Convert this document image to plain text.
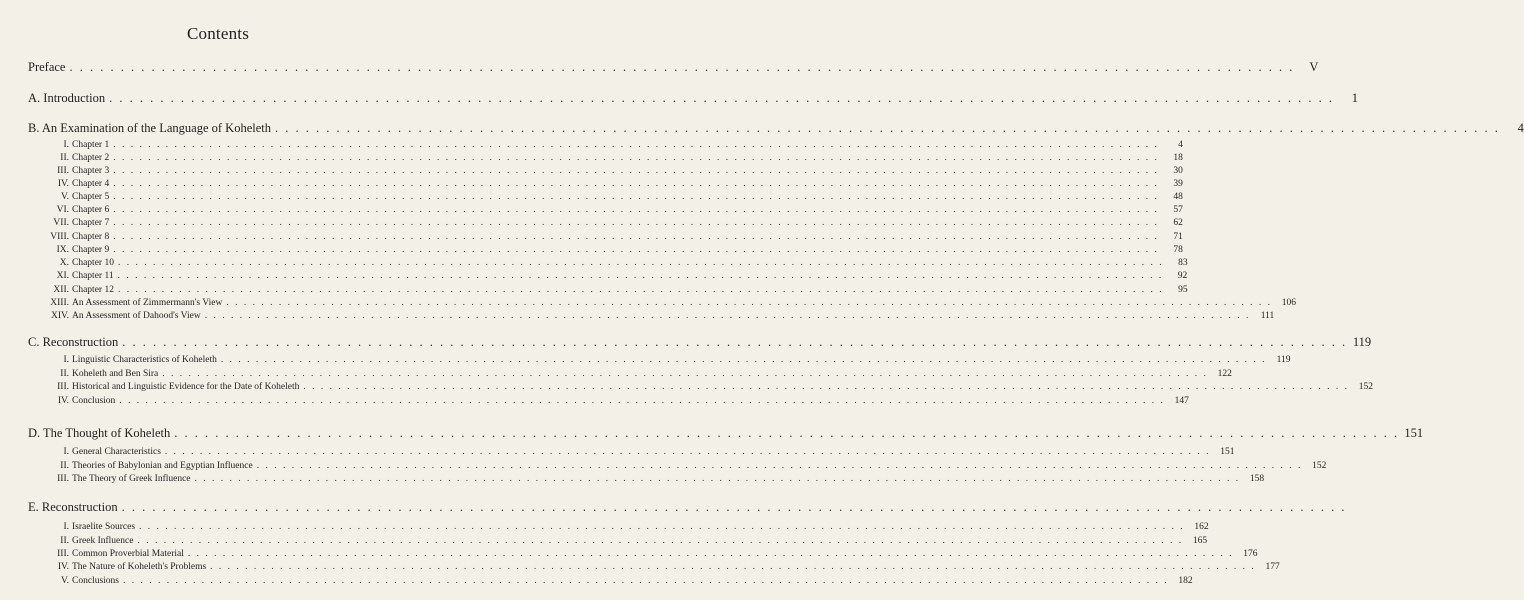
Contents
Preface . . . . . . . . . . . . . . . . . . . . . . . . . . . . . . . . . . . . . . . . . . . . . . . . . . . . . . . . . . . . . . . . . . . . . . . . . . . . . . . . . . . . . . . . . . . . . . . . . . . . . . . . . . . . . . . . . . . . . . . .	V
A. Introduction . . . . . . . . . . . . . . . . . . . . . . . . . . . . . . . . . . . . . . . . . . . . . . . . . . . . . . . . . . . . . . . . . . . . . . . . . . . . . . . . . . . . . . . . . . . . . . . . . . . . . . . . . . . . . . . . . . . . . . . .	1
B. An Examination of the Language of Koheleth . . . . . . . . . . . . . . . . . . . . . . . . . . . . . . . . . . . . . . . . . . . . . . . . . . . . . . . . . . . . . . . . . . . . . . . . . . . . . . . . . . . . . . . . . . . . . . . . . . . . . . . . . . . . . . . . . . . . . . . .	4
I. Chapter 1 . . . . . . . . . . . . . . . . . . . . . . . . . . . . . . . . . . . . . . . . . . . . . . . . . . . . . . . . . . . . . . . . . . . . . . . . . . . . . . . . . . . . . . . . . . . . . . . . . . . . . . . . . . . . . . . . . . . . . . . .	4
II. Chapter 2 . . . . . . . . . . . . . . . . . . . . . . . . . . . . . . . . . . . . . . . . . . . . . . . . . . . . . . . . . . . . . . . . . . . . . . . . . . . . . . . . . . . . . . . . . . . . . . . . . . . . . . . . . . . . . . . . . . . . . . . .	18
III. Chapter 3 . . . . . . . . . . . . . . . . . . . . . . . . . . . . . . . . . . . . . . . . . . . . . . . . . . . . . . . . . . . . . . . . . . . . . . . . . . . . . . . . . . . . . . . . . . . . . . . . . . . . . . . . . . . . . . . . . . . . . . . .	30
IV. Chapter 4 . . . . . . . . . . . . . . . . . . . . . . . . . . . . . . . . . . . . . . . . . . . . . . . . . . . . . . . . . . . . . . . . . . . . . . . . . . . . . . . . . . . . . . . . . . . . . . . . . . . . . . . . . . . . . . . . . . . . . . . .	39
V. Chapter 5 . . . . . . . . . . . . . . . . . . . . . . . . . . . . . . . . . . . . . . . . . . . . . . . . . . . . . . . . . . . . . . . . . . . . . . . . . . . . . . . . . . . . . . . . . . . . . . . . . . . . . . . . . . . . . . . . . . . . . . . .	48
VI. Chapter 6 . . . . . . . . . . . . . . . . . . . . . . . . . . . . . . . . . . . . . . . . . . . . . . . . . . . . . . . . . . . . . . . . . . . . . . . . . . . . . . . . . . . . . . . . . . . . . . . . . . . . . . . . . . . . . . . . . . . . . . . .	57
VII. Chapter 7 . . . . . . . . . . . . . . . . . . . . . . . . . . . . . . . . . . . . . . . . . . . . . . . . . . . . . . . . . . . . . . . . . . . . . . . . . . . . . . . . . . . . . . . . . . . . . . . . . . . . . . . . . . . . . . . . . . . . . . . .	62
VIII. Chapter 8 . . . . . . . . . . . . . . . . . . . . . . . . . . . . . . . . . . . . . . . . . . . . . . . . . . . . . . . . . . . . . . . . . . . . . . . . . . . . . . . . . . . . . . . . . . . . . . . . . . . . . . . . . . . . . . . . . . . . . . . .	71
IX. Chapter 9 . . . . . . . . . . . . . . . . . . . . . . . . . . . . . . . . . . . . . . . . . . . . . . . . . . . . . . . . . . . . . . . . . . . . . . . . . . . . . . . . . . . . . . . . . . . . . . . . . . . . . . . . . . . . . . . . . . . . . . . .	78
X. Chapter 10 . . . . . . . . . . . . . . . . . . . . . . . . . . . . . . . . . . . . . . . . . . . . . . . . . . . . . . . . . . . . . . . . . . . . . . . . . . . . . . . . . . . . . . . . . . . . . . . . . . . . . . . . . . . . . . . . . . . . . . . .	83
XI. Chapter 11 . . . . . . . . . . . . . . . . . . . . . . . . . . . . . . . . . . . . . . . . . . . . . . . . . . . . . . . . . . . . . . . . . . . . . . . . . . . . . . . . . . . . . . . . . . . . . . . . . . . . . . . . . . . . . . . . . . . . . . . .	92
XII. Chapter 12 . . . . . . . . . . . . . . . . . . . . . . . . . . . . . . . . . . . . . . . . . . . . . . . . . . . . . . . . . . . . . . . . . . . . . . . . . . . . . . . . . . . . . . . . . . . . . . . . . . . . . . . . . . . . . . . . . . . . . . . .	95
XIII. An Assessment of Zimmermann's View . . . . . . . . . . . . . . . . . . . . . . . . . . . . . . . . . . . . . . . . . . . . . . . . . . . . . . . . . . . . . . . . . . . . . . . . . . . . . . . . . . . . . . . . . . . . . . . . . . . . . . . . . . . . . . . . . . . . . . . .	106
XIV. An Assessment of Dahood's View . . . . . . . . . . . . . . . . . . . . . . . . . . . . . . . . . . . . . . . . . . . . . . . . . . . . . . . . . . . . . . . . . . . . . . . . . . . . . . . . . . . . . . . . . . . . . . . . . . . . . . . . . . . . . . . . . . . . . . . .	111
C. Reconstruction . . . . . . . . . . . . . . . . . . . . . . . . . . . . . . . . . . . . . . . . . . . . . . . . . . . . . . . . . . . . . . . . . . . . . . . . . . . . . . . . . . . . . . . . . . . . . . . . . . . . . . . . . . . . . . . . . . . . . . . . 119
I. Linguistic Characteristics of Koheleth . . . . . . . . . . . . . . . . . . . . . . . . . . . . . . . . . . . . . . . . . . . . . . . . . . . . . . . . . . . . . . . . . . . . . . . . . . . . . . . . . . . . . . . . . . . . . . . . . . . . . . . . . . . . . . . . . . . . . . . .	119
II. Koheleth and Ben Sira . . . . . . . . . . . . . . . . . . . . . . . . . . . . . . . . . . . . . . . . . . . . . . . . . . . . . . . . . . . . . . . . . . . . . . . . . . . . . . . . . . . . . . . . . . . . . . . . . . . . . . . . . . . . . . . . . . . . . . . .	122
III. Historical and Linguistic Evidence for the Date of Koheleth . . . . . . . . . . . . . . . . . . . . . . . . . . . . . . . . . . . . . . . . . . . . . . . . . . . . . . . . . . . . . . . . . . . . . . . . . . . . . . . . . . . . . . . . . . . . . . . . . . . . . . . . . . . . . . . . . . . . . . . .	152
IV. Conclusion . . . . . . . . . . . . . . . . . . . . . . . . . . . . . . . . . . . . . . . . . . . . . . . . . . . . . . . . . . . . . . . . . . . . . . . . . . . . . . . . . . . . . . . . . . . . . . . . . . . . . . . . . . . . . . . . . . . . . . . .	147
D. The Thought of Koheleth . . . . . . . . . . . . . . . . . . . . . . . . . . . . . . . . . . . . . . . . . . . . . . . . . . . . . . . . . . . . . . . . . . . . . . . . . . . . . . . . . . . . . . . . . . . . . . . . . . . . . . . . . . . . . . . . . . . . . . . . 151
I. General Characteristics . . . . . . . . . . . . . . . . . . . . . . . . . . . . . . . . . . . . . . . . . . . . . . . . . . . . . . . . . . . . . . . . . . . . . . . . . . . . . . . . . . . . . . . . . . . . . . . . . . . . . . . . . . . . . . . . . . . . . . . .	151
II. Theories of Babylonian and Egyptian Influence . . . . . . . . . . . . . . . . . . . . . . . . . . . . . . . . . . . . . . . . . . . . . . . . . . . . . . . . . . . . . . . . . . . . . . . . . . . . . . . . . . . . . . . . . . . . . . . . . . . . . . . . . . . . . . . . . . . . . . . .	152
III. The Theory of Greek Influence . . . . . . . . . . . . . . . . . . . . . . . . . . . . . . . . . . . . . . . . . . . . . . . . . . . . . . . . . . . . . . . . . . . . . . . . . . . . . . . . . . . . . . . . . . . . . . . . . . . . . . . . . . . . . . . . . . . . . . . .	158
E. Reconstruction . . . . . . . . . . . . . . . . . . . . . . . . . . . . . . . . . . . . . . . . . . . . . . . . . . . . . . . . . . . . . . . . . . . . . . . . . . . . . . . . . . . . . . . . . . . . . . . . . . . . . . . . . . . . . . . . . . . . . . . .
I. Israelite Sources . . . . . . . . . . . . . . . . . . . . . . . . . . . . . . . . . . . . . . . . . . . . . . . . . . . . . . . . . . . . . . . . . . . . . . . . . . . . . . . . . . . . . . . . . . . . . . . . . . . . . . . . . . . . . . . . . . . . . . . .	162
II. Greek Influence . . . . . . . . . . . . . . . . . . . . . . . . . . . . . . . . . . . . . . . . . . . . . . . . . . . . . . . . . . . . . . . . . . . . . . . . . . . . . . . . . . . . . . . . . . . . . . . . . . . . . . . . . . . . . . . . . . . . . . . .	165
III. Common Proverbial Material . . . . . . . . . . . . . . . . . . . . . . . . . . . . . . . . . . . . . . . . . . . . . . . . . . . . . . . . . . . . . . . . . . . . . . . . . . . . . . . . . . . . . . . . . . . . . . . . . . . . . . . . . . . . . . . . . . . . . . . .	176
IV. The Nature of Koheleth's Problems . . . . . . . . . . . . . . . . . . . . . . . . . . . . . . . . . . . . . . . . . . . . . . . . . . . . . . . . . . . . . . . . . . . . . . . . . . . . . . . . . . . . . . . . . . . . . . . . . . . . . . . . . . . . . . . . . . . . . . . .	177
V. Conclusions . . . . . . . . . . . . . . . . . . . . . . . . . . . . . . . . . . . . . . . . . . . . . . . . . . . . . . . . . . . . . . . . . . . . . . . . . . . . . . . . . . . . . . . . . . . . . . . . . . . . . . . . . . . . . . . . . . . . . . . .	182
